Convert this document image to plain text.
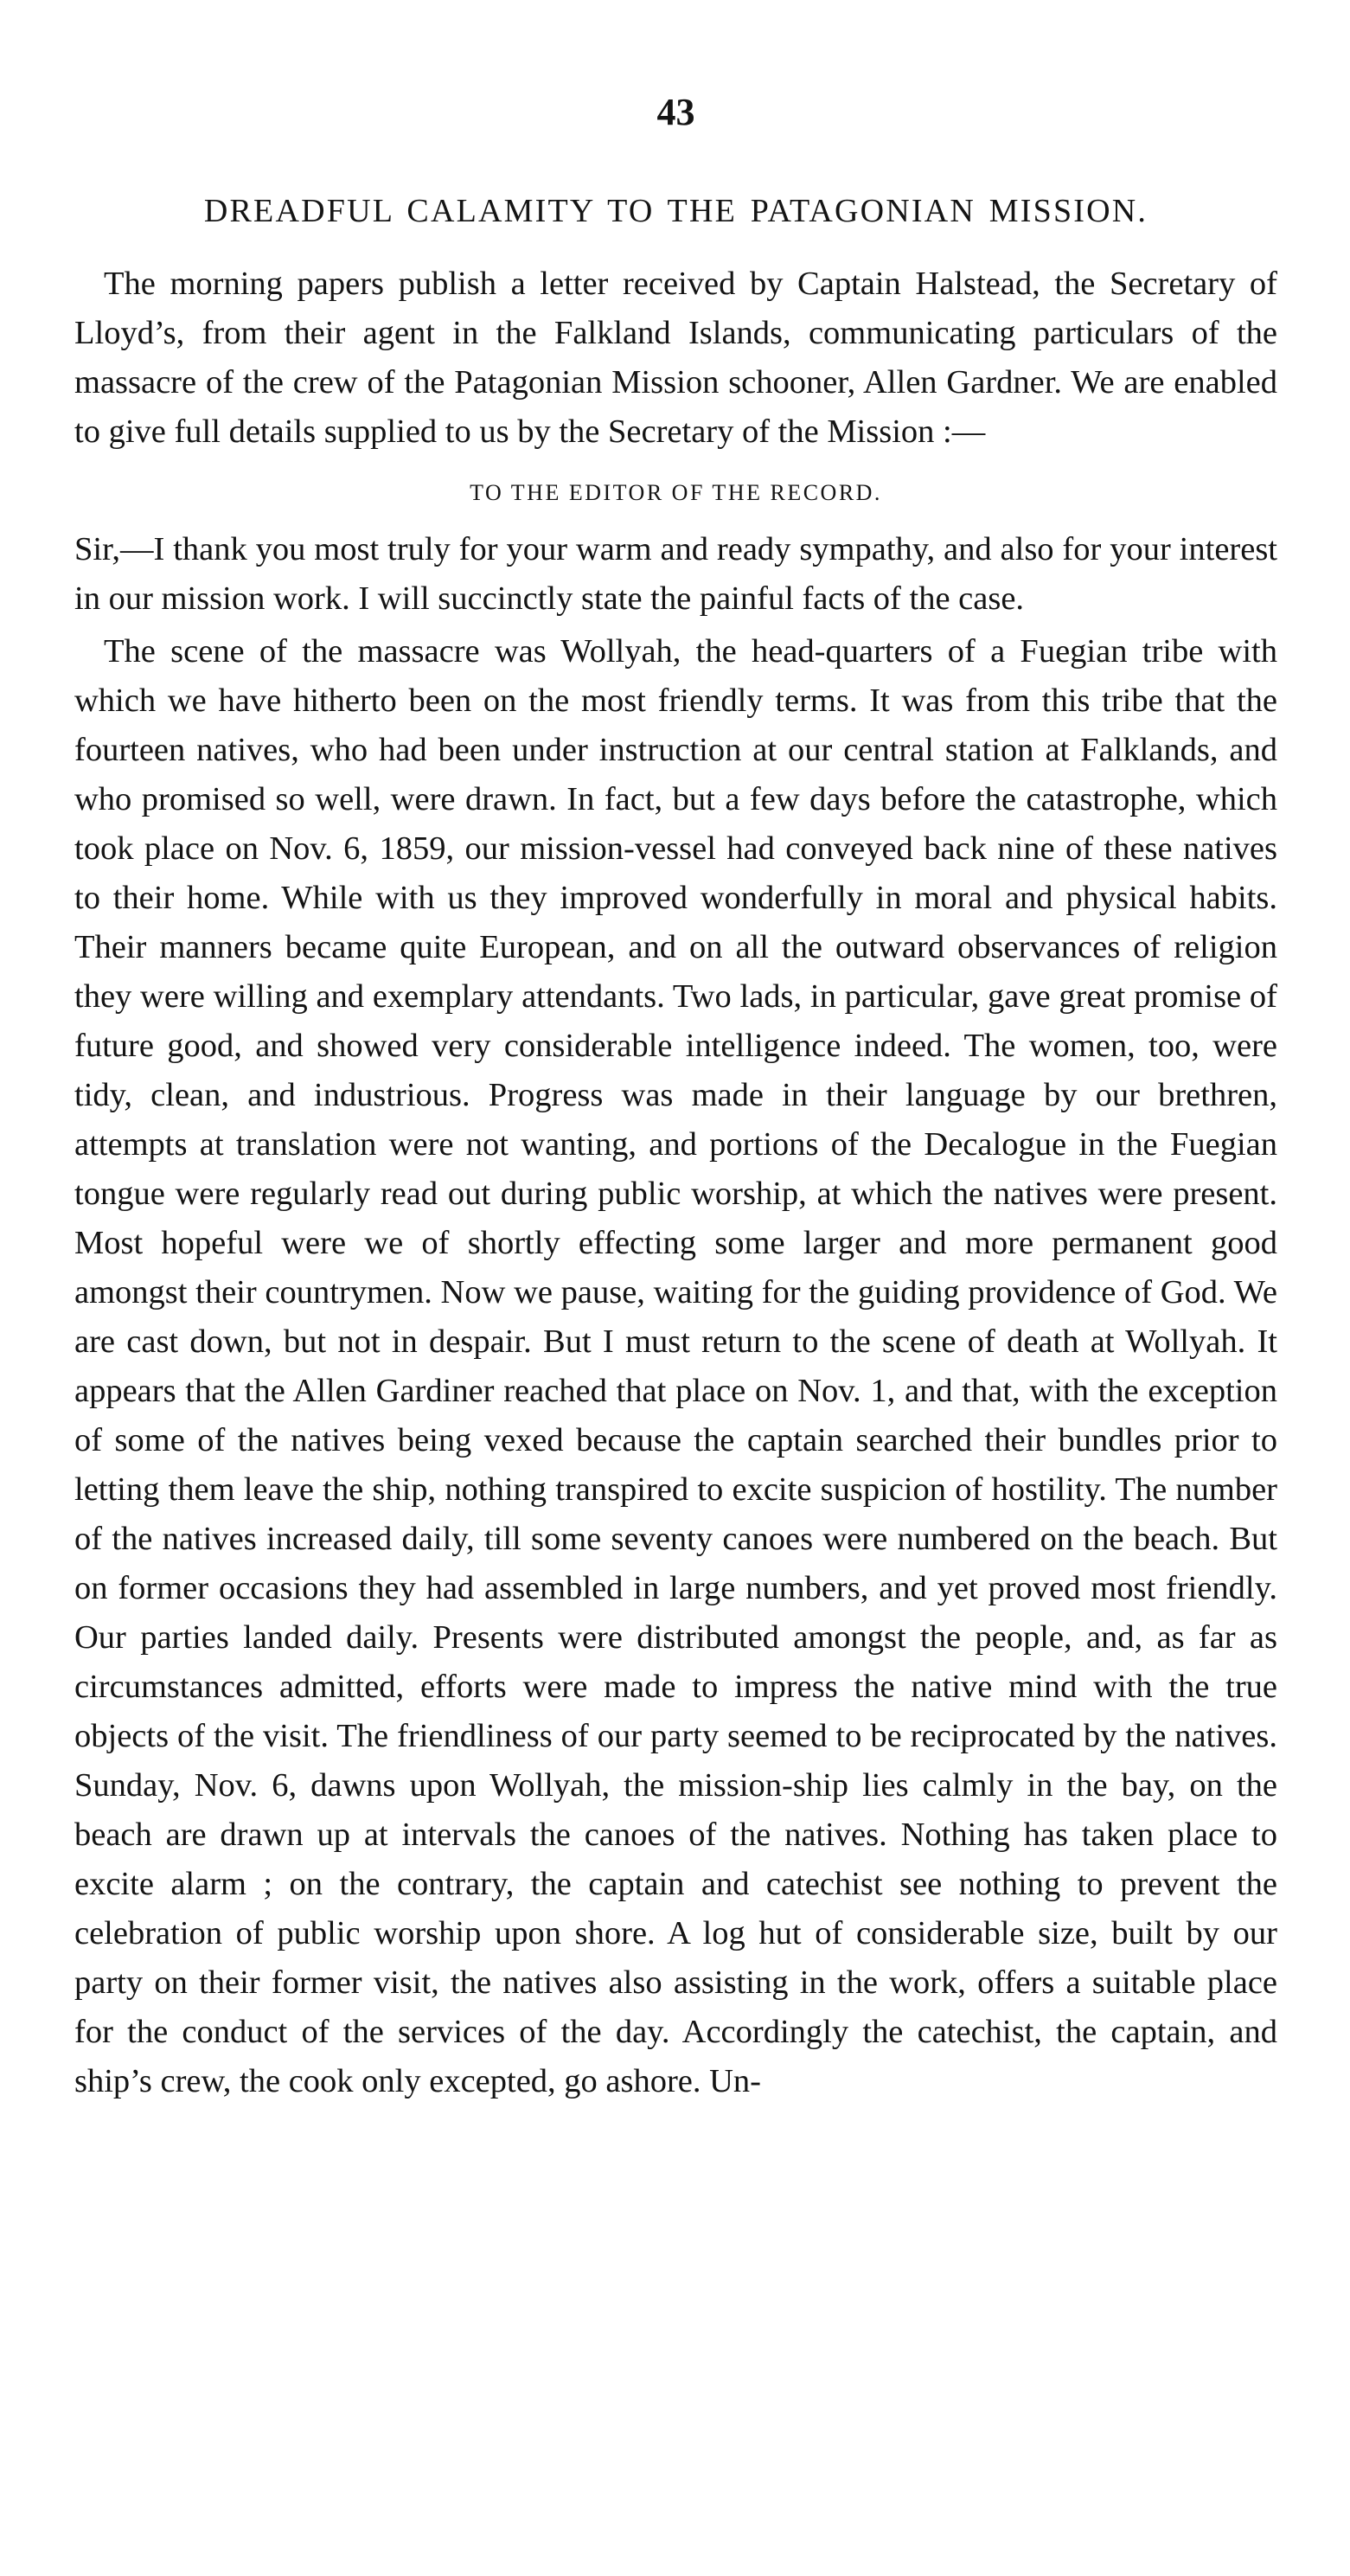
43
DREADFUL CALAMITY TO THE PATAGONIAN MISSION.

The morning papers publish a letter received by Captain Halstead, the Secretary of Lloyd’s, from their agent in the Falkland Islands, communicating particulars of the massacre of the crew of the Patagonian Mission schooner, Allen Gardner. We are enabled to give full details supplied to us by the Secretary of the Mission :—

TO THE EDITOR OF THE RECORD.

Sir,—I thank you most truly for your warm and ready sympathy, and also for your interest in our mission work. I will succinctly state the painful facts of the case.

The scene of the massacre was Wollyah, the head-quarters of a Fuegian tribe with which we have hitherto been on the most friendly terms. It was from this tribe that the fourteen natives, who had been under instruction at our central station at Falklands, and who promised so well, were drawn. In fact, but a few days before the catastrophe, which took place on Nov. 6, 1859, our mission-vessel had conveyed back nine of these natives to their home. While with us they improved wonderfully in moral and physical habits. Their manners became quite European, and on all the outward observances of religion they were willing and exemplary attendants. Two lads, in particular, gave great promise of future good, and showed very considerable intelligence indeed. The women, too, were tidy, clean, and industrious. Progress was made in their language by our brethren, attempts at translation were not wanting, and portions of the Decalogue in the Fuegian tongue were regularly read out during public worship, at which the natives were present. Most hopeful were we of shortly effecting some larger and more permanent good amongst their countrymen. Now we pause, waiting for the guiding providence of God. We are cast down, but not in despair. But I must return to the scene of death at Wollyah. It appears that the Allen Gardiner reached that place on Nov. 1, and that, with the exception of some of the natives being vexed because the captain searched their bundles prior to letting them leave the ship, nothing transpired to excite suspicion of hostility. The number of the natives increased daily, till some seventy canoes were numbered on the beach. But on former occasions they had assembled in large numbers, and yet proved most friendly. Our parties landed daily. Presents were distributed amongst the people, and, as far as circumstances admitted, efforts were made to impress the native mind with the true objects of the visit. The friendliness of our party seemed to be reciprocated by the natives. Sunday, Nov. 6, dawns upon Wollyah, the mission-ship lies calmly in the bay, on the beach are drawn up at intervals the canoes of the natives. Nothing has taken place to excite alarm ; on the contrary, the captain and catechist see nothing to prevent the celebration of public worship upon shore. A log hut of considerable size, built by our party on their former visit, the natives also assisting in the work, offers a suitable place for the conduct of the services of the day. Accordingly the catechist, the captain, and ship’s crew, the cook only excepted, go ashore. Un-
